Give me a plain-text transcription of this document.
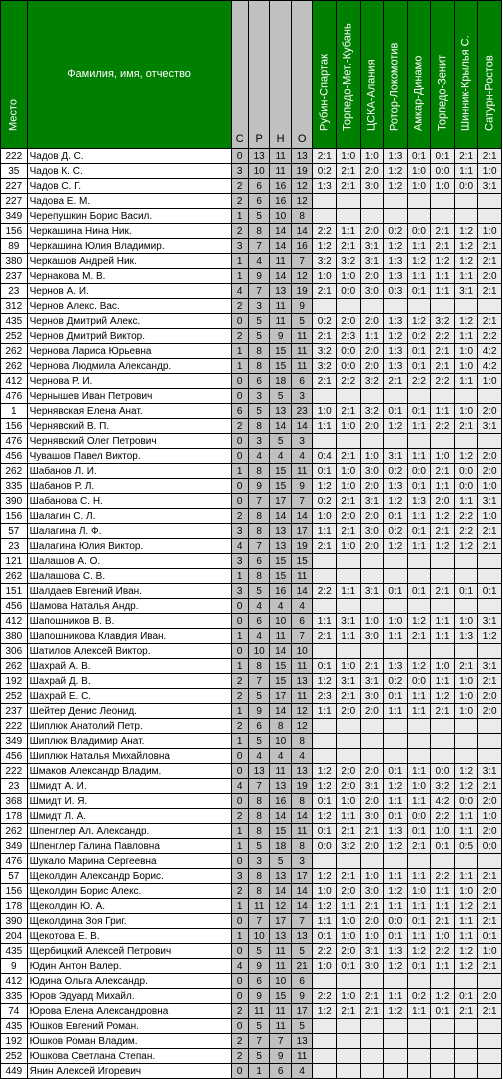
Место	Фамилия, имя, отчество	С	Р	Н	О	Рубин-Спартак	Торпедо-Мет.-Кубань	ЦСКА-Алания	Ротор-Локомотив	Амкар-Динамо	Торпедо-Зенит	Шинник-Крылья С.	Сатурн-Ростов

222	Чадов Д. С.	0	13	11	13	2:1	1:0	1:0	1:3	0:1	0:1	2:1	2:1
35	Чадов К. С.	3	10	11	19	0:2	2:1	2:0	1:2	1:0	0:0	1:1	1:0
227	Чадов С. Г.	2	6	16	12	1:3	2:1	3:0	1:2	1:0	1:0	0:0	3:1
227	Чадова Е. М.	2	6	16	12								
349	Черепушкин Борис Васил.	1	5	10	8								
156	Черкашина Нина Ник.	2	8	14	14	2:2	1:1	2:0	0:2	0:0	2:1	1:2	1:0
89	Черкашина Юлия Владимир.	3	7	14	16	1:2	2:1	3:1	1:2	1:1	2:1	1:2	2:1
380	Черкашов Андрей Ник.	1	4	11	7	3:2	3:2	3:1	1:3	1:2	1:2	1:2	2:1
237	Чернакова М. В.	1	9	14	12	1:0	1:0	2:0	1:3	1:1	1:1	1:1	2:0
23	Чернов А. И.	4	7	13	19	2:1	0:0	3:0	0:3	0:1	1:1	3:1	2:1
312	Чернов Алекс. Вас.	2	3	11	9								
435	Чернов Дмитрий Алекс.	0	5	11	5	0:2	2:0	2:0	1:3	1:2	3:2	1:2	2:1
252	Чернов Дмитрий Виктор.	2	5	9	11	2:1	2:3	1:1	1:2	0:2	2:2	1:1	2:2
262	Чернова Лариса Юрьевна	1	8	15	11	3:2	0:0	2:0	1:3	0:1	2:1	1:0	4:2
262	Чернова Людмила Александр.	1	8	15	11	3:2	0:0	2:0	1:3	0:1	2:1	1:0	4:2
412	Чернова Р. И.	0	6	18	6	2:1	2:2	3:2	2:1	2:2	2:2	1:1	1:0
476	Чернышев Иван Петрович	0	3	5	3								
1	Чернявская Елена Анат.	6	5	13	23	1:0	2:1	3:2	0:1	0:1	1:1	1:0	2:0
156	Чернявский В. П.	2	8	14	14	1:1	1:0	2:0	1:2	1:1	2:2	2:1	3:1
476	Чернявский Олег Петрович	0	3	5	3								
456	Чувашов Павел Виктор.	0	4	4	4	0:4	2:1	1:0	3:1	1:1	1:0	1:2	2:0
262	Шабанов Л. И.	1	8	15	11	0:1	1:0	3:0	0:2	0:0	2:1	0:0	2:0
335	Шабанов Р. Л.	0	9	15	9	1:2	1:0	2:0	1:3	0:1	1:1	0:0	1:0
390	Шабанова С. Н.	0	7	17	7	0:2	2:1	3:1	1:2	1:3	2:0	1:1	3:1
156	Шалагин С. Л.	2	8	14	14	1:0	2:0	2:0	0:1	1:1	1:2	2:2	1:0
57	Шалагина Л. Ф.	3	8	13	17	1:1	2:1	3:0	0:2	0:1	2:1	2:2	2:1
23	Шалагина Юлия Виктор.	4	7	13	19	2:1	1:0	2:0	1:2	1:1	1:2	1:2	2:1
121	Шалашов А. О.	3	6	15	15								
262	Шалашова С. В.	1	8	15	11								
151	Шалдаев Евгений Иван.	3	5	16	14	2:2	1:1	3:1	0:1	0:1	2:1	0:1	0:1
456	Шамова Наталья Андр.	0	4	4	4								
412	Шапошников В. В.	0	6	10	6	1:1	3:1	1:0	1:0	1:2	1:1	1:0	3:1
380	Шапошникова Клавдия Иван.	1	4	11	7	2:1	1:1	3:0	1:1	2:1	1:1	1:3	1:2
306	Шатилов Алексей Виктор.	0	10	14	10								
262	Шахрай А. В.	1	8	15	11	0:1	1:0	2:1	1:3	1:2	1:0	2:1	3:1
192	Шахрай Д. В.	2	7	15	13	1:2	3:1	3:1	0:2	0:0	1:1	1:0	2:1
252	Шахрай Е. С.	2	5	17	11	2:3	2:1	3:0	0:1	1:1	1:2	1:0	2:0
237	Шейтер Денис Леонид.	1	9	14	12	1:1	2:0	2:0	1:1	1:1	2:1	1:0	2:0
222	Шиплюк Анатолий Петр.	2	6	8	12								
349	Шиплюк Владимир Анат.	1	5	10	8								
456	Шиплюк Наталья Михайловна	0	4	4	4								
222	Шмаков Александр Владим.	0	13	11	13	1:2	2:0	2:0	0:1	1:1	0:0	1:2	3:1
23	Шмидт А. И.	4	7	13	19	1:2	2:0	3:1	1:2	1:0	3:2	1:2	2:1
368	Шмидт И. Я.	0	8	16	8	0:1	1:0	2:0	1:1	1:1	4:2	0:0	2:0
178	Шмидт Л. А.	2	8	14	14	1:2	1:1	3:0	0:1	0:0	2:2	1:1	1:0
262	Шпенглер Ал. Александр.	1	8	15	11	0:1	2:1	2:1	1:3	0:1	1:0	1:1	2:0
349	Шпенглер Галина Павловна	1	5	18	8	0:0	3:2	2:0	1:2	2:1	0:1	0:5	0:0
476	Шукало Марина Сергеевна	0	3	5	3								
57	Щеколдин Александр Борис.	3	8	13	17	1:2	2:1	1:0	1:1	1:1	2:2	1:1	2:1
156	Щеколдин Борис Алекс.	2	8	14	14	1:0	2:0	3:0	1:2	1:0	1:1	1:0	2:0
178	Щеколдин Ю. А.	1	11	12	14	1:2	1:1	2:1	1:1	1:1	1:1	1:2	2:1
390	Щеколдина Зоя Григ.	0	7	17	7	1:1	1:0	2:0	0:0	0:1	2:1	1:1	2:1
204	Щекотова Е. В.	1	10	13	13	0:1	1:0	1:0	0:1	1:1	1:0	1:1	0:1
435	Щербицкий Алексей Петрович	0	5	11	5	2:2	2:0	3:1	1:3	1:2	2:2	1:2	1:0
9	Юдин Антон Валер.	4	9	11	21	1:0	0:1	3:0	1:2	0:1	1:1	1:2	2:1
412	Юдина Ольга Александр.	0	6	10	6								
335	Юров Эдуард Михайл.	0	9	15	9	2:2	1:0	2:1	1:1	0:2	1:2	0:1	2:0
74	Юрова Елена Александровна	2	11	11	17	1:2	2:1	2:1	1:2	1:1	0:1	2:1	2:1
435	Юшков Евгений Роман.	0	5	11	5								
192	Юшков Роман Владим.	2	7	7	13								
252	Юшкова Светлана Степан.	2	5	9	11								
449	Янин Алексей Игоревич	0	1	6	4								
